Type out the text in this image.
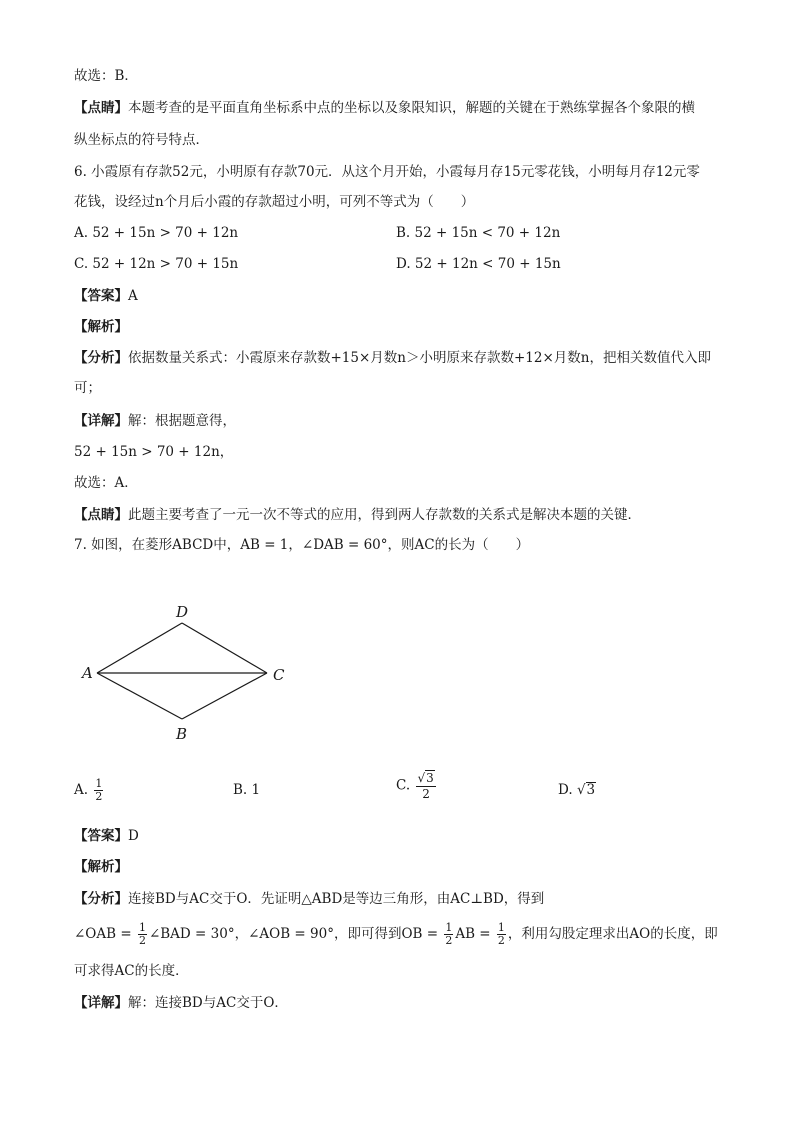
故选：B．
【点睛】本题考查的是平面直角坐标系中点的坐标以及象限知识，解题的关键在于熟练掌握各个象限的横
纵坐标点的符号特点．
6. 小霞原有存款52元，小明原有存款70元．从这个月开始，小霞每月存15元零花钱，小明每月存12元零
花钱，设经过n个月后小霞的存款超过小明，可列不等式为（　　）
A. 52 + 15n > 70 + 12n	B. 52 + 15n < 70 + 12n
C. 52 + 12n > 70 + 15n	D. 52 + 12n < 70 + 15n
【答案】A
【解析】
【分析】依据数量关系式：小霞原来存款数+15×月数n＞小明原来存款数+12×月数n，把相关数值代入即
可；
【详解】解：根据题意得，
52 + 15n > 70 + 12n，
故选：A．
【点睛】此题主要考查了一元一次不等式的应用，得到两人存款数的关系式是解决本题的关键．
7. 如图，在菱形ABCD中，AB = 1，∠DAB = 60°，则AC的长为（　　）
D
A	C
B
A. $\frac{1}{2}$	B. 1	C. $\frac{√3}{2}$	D. √3
【答案】D
【解析】
【分析】连接BD与AC交于O．先证明△ABD是等边三角形，由AC⊥BD，得到
∠OAB = $\frac{1}{2}$ ∠BAD = 30°，∠AOB = 90°，即可得到OB = $\frac{1}{2}$ AB = $\frac{1}{2}$ ，利用勾股定理求出AO的长度，即
可求得AC的长度．
【详解】解：连接BD与AC交于O．
